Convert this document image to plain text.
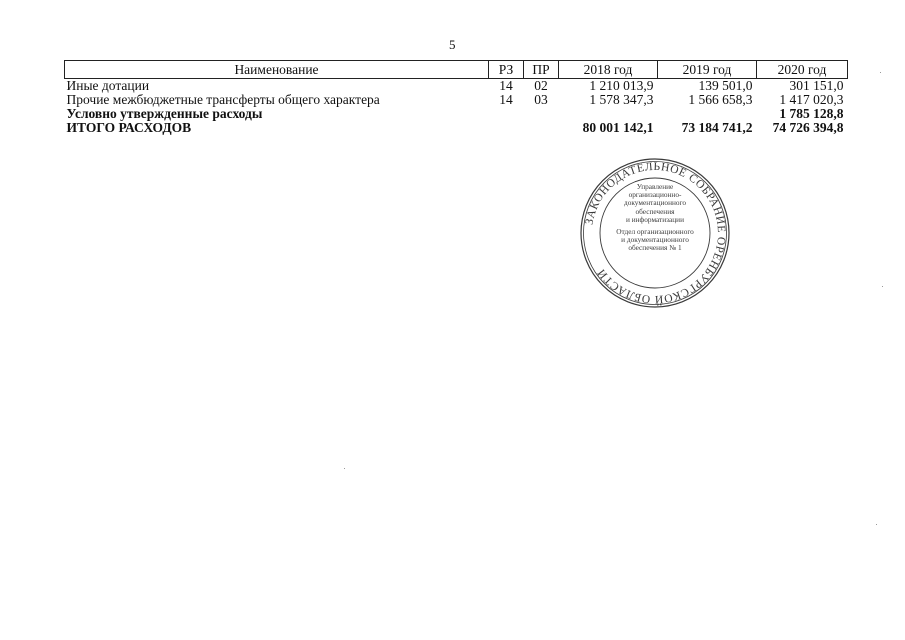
5
Наименование	РЗ	ПР	2018 год	2019 год	2020 год
Иные дотации	14	02	1 210 013,9	139 501,0	301 151,0
Прочие межбюджетные трансферты общего характера	14	03	1 578 347,3	1 566 658,3	1 417 020,3
Условно утвержденные расходы					1 785 128,8
ИТОГО РАСХОДОВ			80 001 142,1	73 184 741,2	74 726 394,8
ЗАКОНОДАТЕЛЬНОЕ СОБРАНИЕ ОРЕНБУРГСКОЙ ОБЛАСТИ
Управление
организационно-
документационного
обеспечения
и информатизации
Отдел организационного
и документационного
обеспечения № 1
